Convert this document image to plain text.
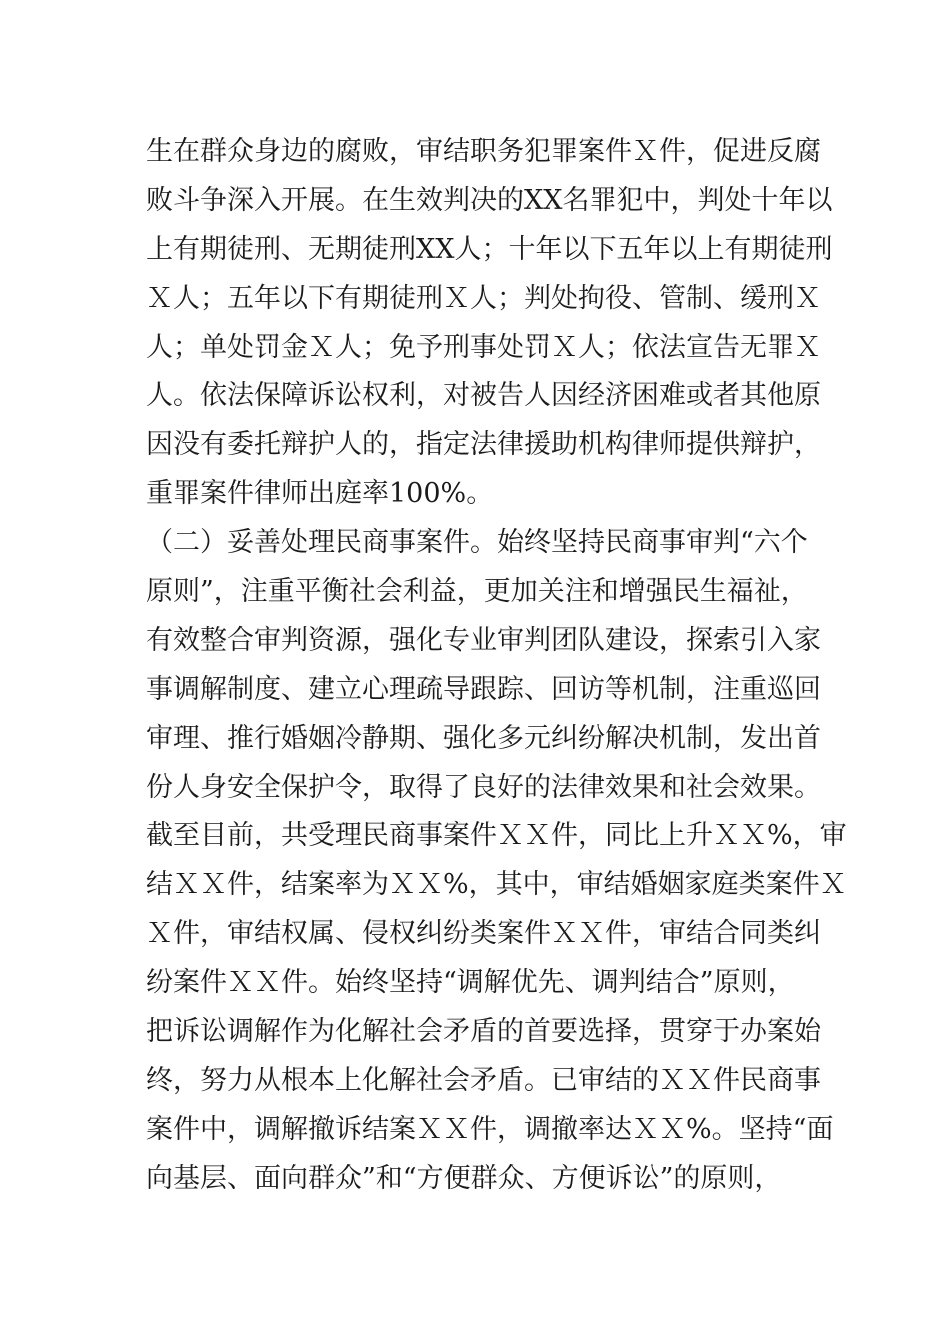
生在群众身边的腐败，审结职务犯罪案件Ｘ件，促进反腐
败斗争深入开展。在生效判决的XX名罪犯中，判处十年以
上有期徒刑、无期徒刑XX人；十年以下五年以上有期徒刑
Ｘ人；五年以下有期徒刑Ｘ人；判处拘役、管制、缓刑Ｘ
人；单处罚金Ｘ人；免予刑事处罚Ｘ人；依法宣告无罪Ｘ
人。依法保障诉讼权利，对被告人因经济困难或者其他原
因没有委托辩护人的，指定法律援助机构律师提供辩护，
重罪案件律师出庭率100%。
（二）妥善处理民商事案件。始终坚持民商事审判“六个
原则”，注重平衡社会利益，更加关注和增强民生福祉，
有效整合审判资源，强化专业审判团队建设，探索引入家
事调解制度、建立心理疏导跟踪、回访等机制，注重巡回
审理、推行婚姻冷静期、强化多元纠纷解决机制，发出首
份人身安全保护令，取得了良好的法律效果和社会效果。
截至目前，共受理民商事案件ＸＸ件，同比上升ＸＸ%，审
结ＸＸ件，结案率为ＸＸ%，其中，审结婚姻家庭类案件Ｘ
Ｘ件，审结权属、侵权纠纷类案件ＸＸ件，审结合同类纠
纷案件ＸＸ件。始终坚持“调解优先、调判结合”原则，
把诉讼调解作为化解社会矛盾的首要选择，贯穿于办案始
终，努力从根本上化解社会矛盾。已审结的ＸＸ件民商事
案件中，调解撤诉结案ＸＸ件，调撤率达ＸＸ%。坚持“面
向基层、面向群众”和“方便群众、方便诉讼”的原则，
